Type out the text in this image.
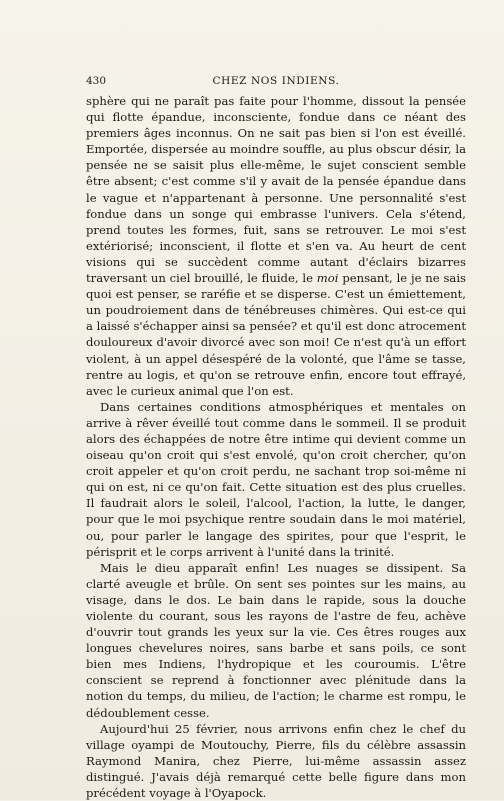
430	CHEZ NOS INDIENS.

sphère qui ne paraît pas faite pour l'homme, dissout la pensée qui flotte épandue, inconsciente, fondue dans ce néant des premiers âges inconnus. On ne sait pas bien si l'on est éveillé. Emportée, dispersée au moindre souffle, au plus obscur désir, la pensée ne se saisit plus elle-même, le sujet conscient semble être absent; c'est comme s'il y avait de la pensée épandue dans le vague et n'appartenant à personne. Une personnalité s'est fondue dans un songe qui embrasse l'univers. Cela s'étend, prend toutes les formes, fuit, sans se retrouver. Le moi s'est extériorisé; inconscient, il flotte et s'en va. Au heurt de cent visions qui se succèdent comme autant d'éclairs bizarres traversant un ciel brouillé, le fluide, le moi pensant, le je ne sais quoi est penser, se raréfie et se disperse. C'est un émiettement, un poudroiement dans de ténébreuses chimères. Qui est-ce qui a laissé s'échapper ainsi sa pensée? et qu'il est donc atrocement douloureux d'avoir divorcé avec son moi! Ce n'est qu'à un effort violent, à un appel désespéré de la volonté, que l'âme se tasse, rentre au logis, et qu'on se retrouve enfin, encore tout effrayé, avec le curieux animal que l'on est.

Dans certaines conditions atmosphériques et mentales on arrive à rêver éveillé tout comme dans le sommeil. Il se produit alors des échappées de notre être intime qui devient comme un oiseau qu'on croit qui s'est envolé, qu'on croit chercher, qu'on croit appeler et qu'on croit perdu, ne sachant trop soi-même ni qui on est, ni ce qu'on fait. Cette situation est des plus cruelles. Il faudrait alors le soleil, l'alcool, l'action, la lutte, le danger, pour que le moi psychique rentre soudain dans le moi matériel, ou, pour parler le langage des spirites, pour que l'esprit, le périsprit et le corps arrivent à l'unité dans la trinité.

Mais le dieu apparaît enfin! Les nuages se dissipent. Sa clarté aveugle et brûle. On sent ses pointes sur les mains, au visage, dans le dos. Le bain dans le rapide, sous la douche violente du courant, sous les rayons de l'astre de feu, achève d'ouvrir tout grands les yeux sur la vie. Ces êtres rouges aux longues chevelures noires, sans barbe et sans poils, ce sont bien mes Indiens, l'hydropique et les couroumis. L'être conscient se reprend à fonctionner avec plénitude dans la notion du temps, du milieu, de l'action; le charme est rompu, le dédoublement cesse.

Aujourd'hui 25 février, nous arrivons enfin chez le chef du village oyampi de Moutouchy, Pierre, fils du célèbre assassin Raymond Manira, chez Pierre, lui-même assassin assez distingué. J'avais déjà remarqué cette belle figure dans mon précédent voyage à l'Oyapock.
